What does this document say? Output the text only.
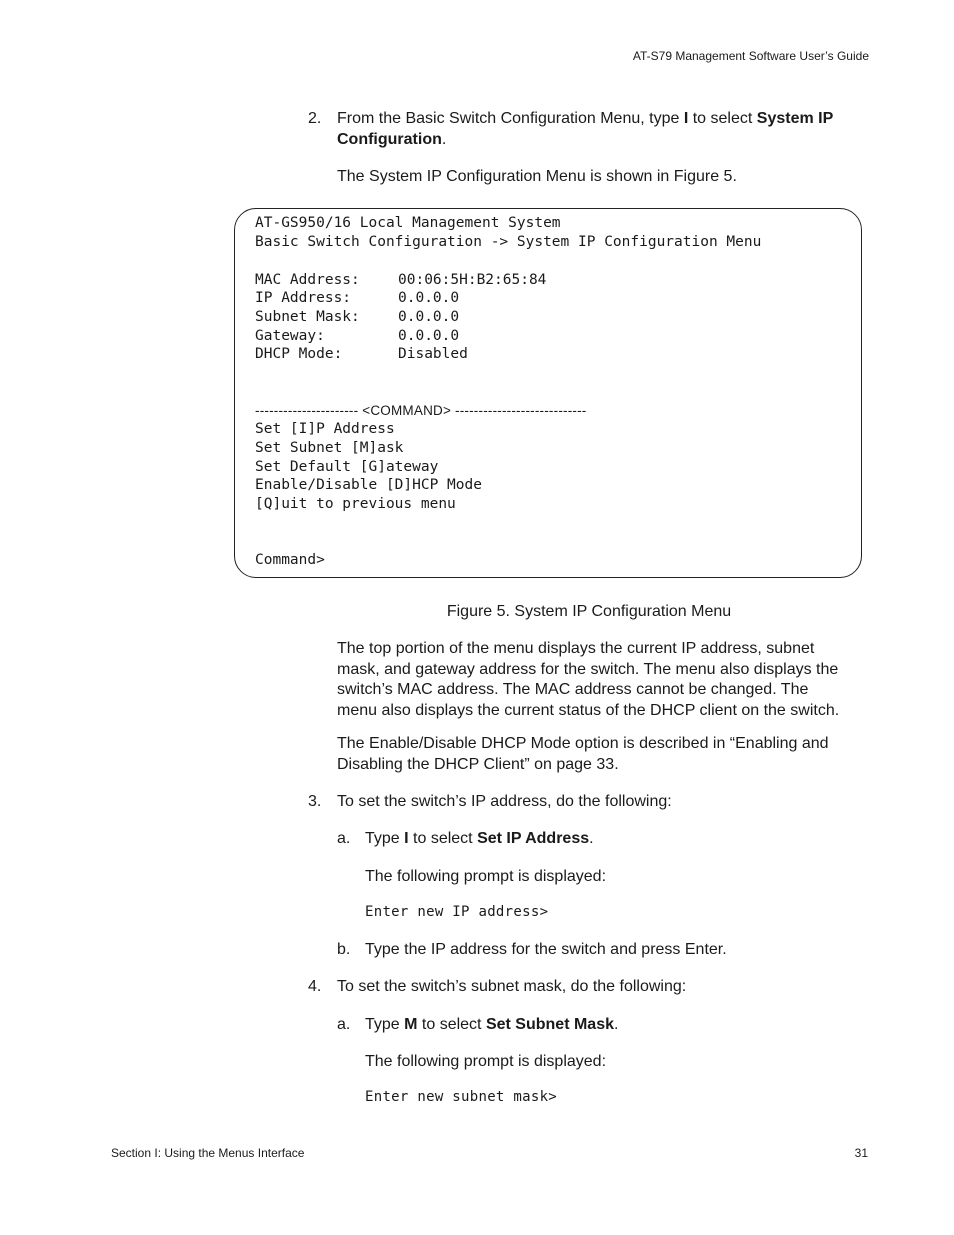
AT-S79 Management Software User’s Guide
2. From the Basic Switch Configuration Menu, type I to select System IP
Configuration.
The System IP Configuration Menu is shown in Figure 5.
AT-GS950/16 Local Management System
Basic Switch Configuration -> System IP Configuration Menu
MAC Address:	00:06:5H:B2:65:84
IP Address:	0.0.0.0
Subnet Mask:	0.0.0.0
Gateway:	0.0.0.0
DHCP Mode:	Disabled
---------------------- <COMMAND> ----------------------------
Set [I]P Address
Set Subnet [M]ask
Set Default [G]ateway
Enable/Disable [D]HCP Mode
[Q]uit to previous menu
Command>
Figure 5. System IP Configuration Menu
The top portion of the menu displays the current IP address, subnet
mask, and gateway address for the switch. The menu also displays the
switch’s MAC address. The MAC address cannot be changed. The
menu also displays the current status of the DHCP client on the switch.
The Enable/Disable DHCP Mode option is described in “Enabling and
Disabling the DHCP Client” on page 33.
3. To set the switch’s IP address, do the following:
a. Type I to select Set IP Address.
The following prompt is displayed:
Enter new IP address>
b. Type the IP address for the switch and press Enter.
4. To set the switch’s subnet mask, do the following:
a. Type M to select Set Subnet Mask.
The following prompt is displayed:
Enter new subnet mask>
Section I: Using the Menus Interface	31
